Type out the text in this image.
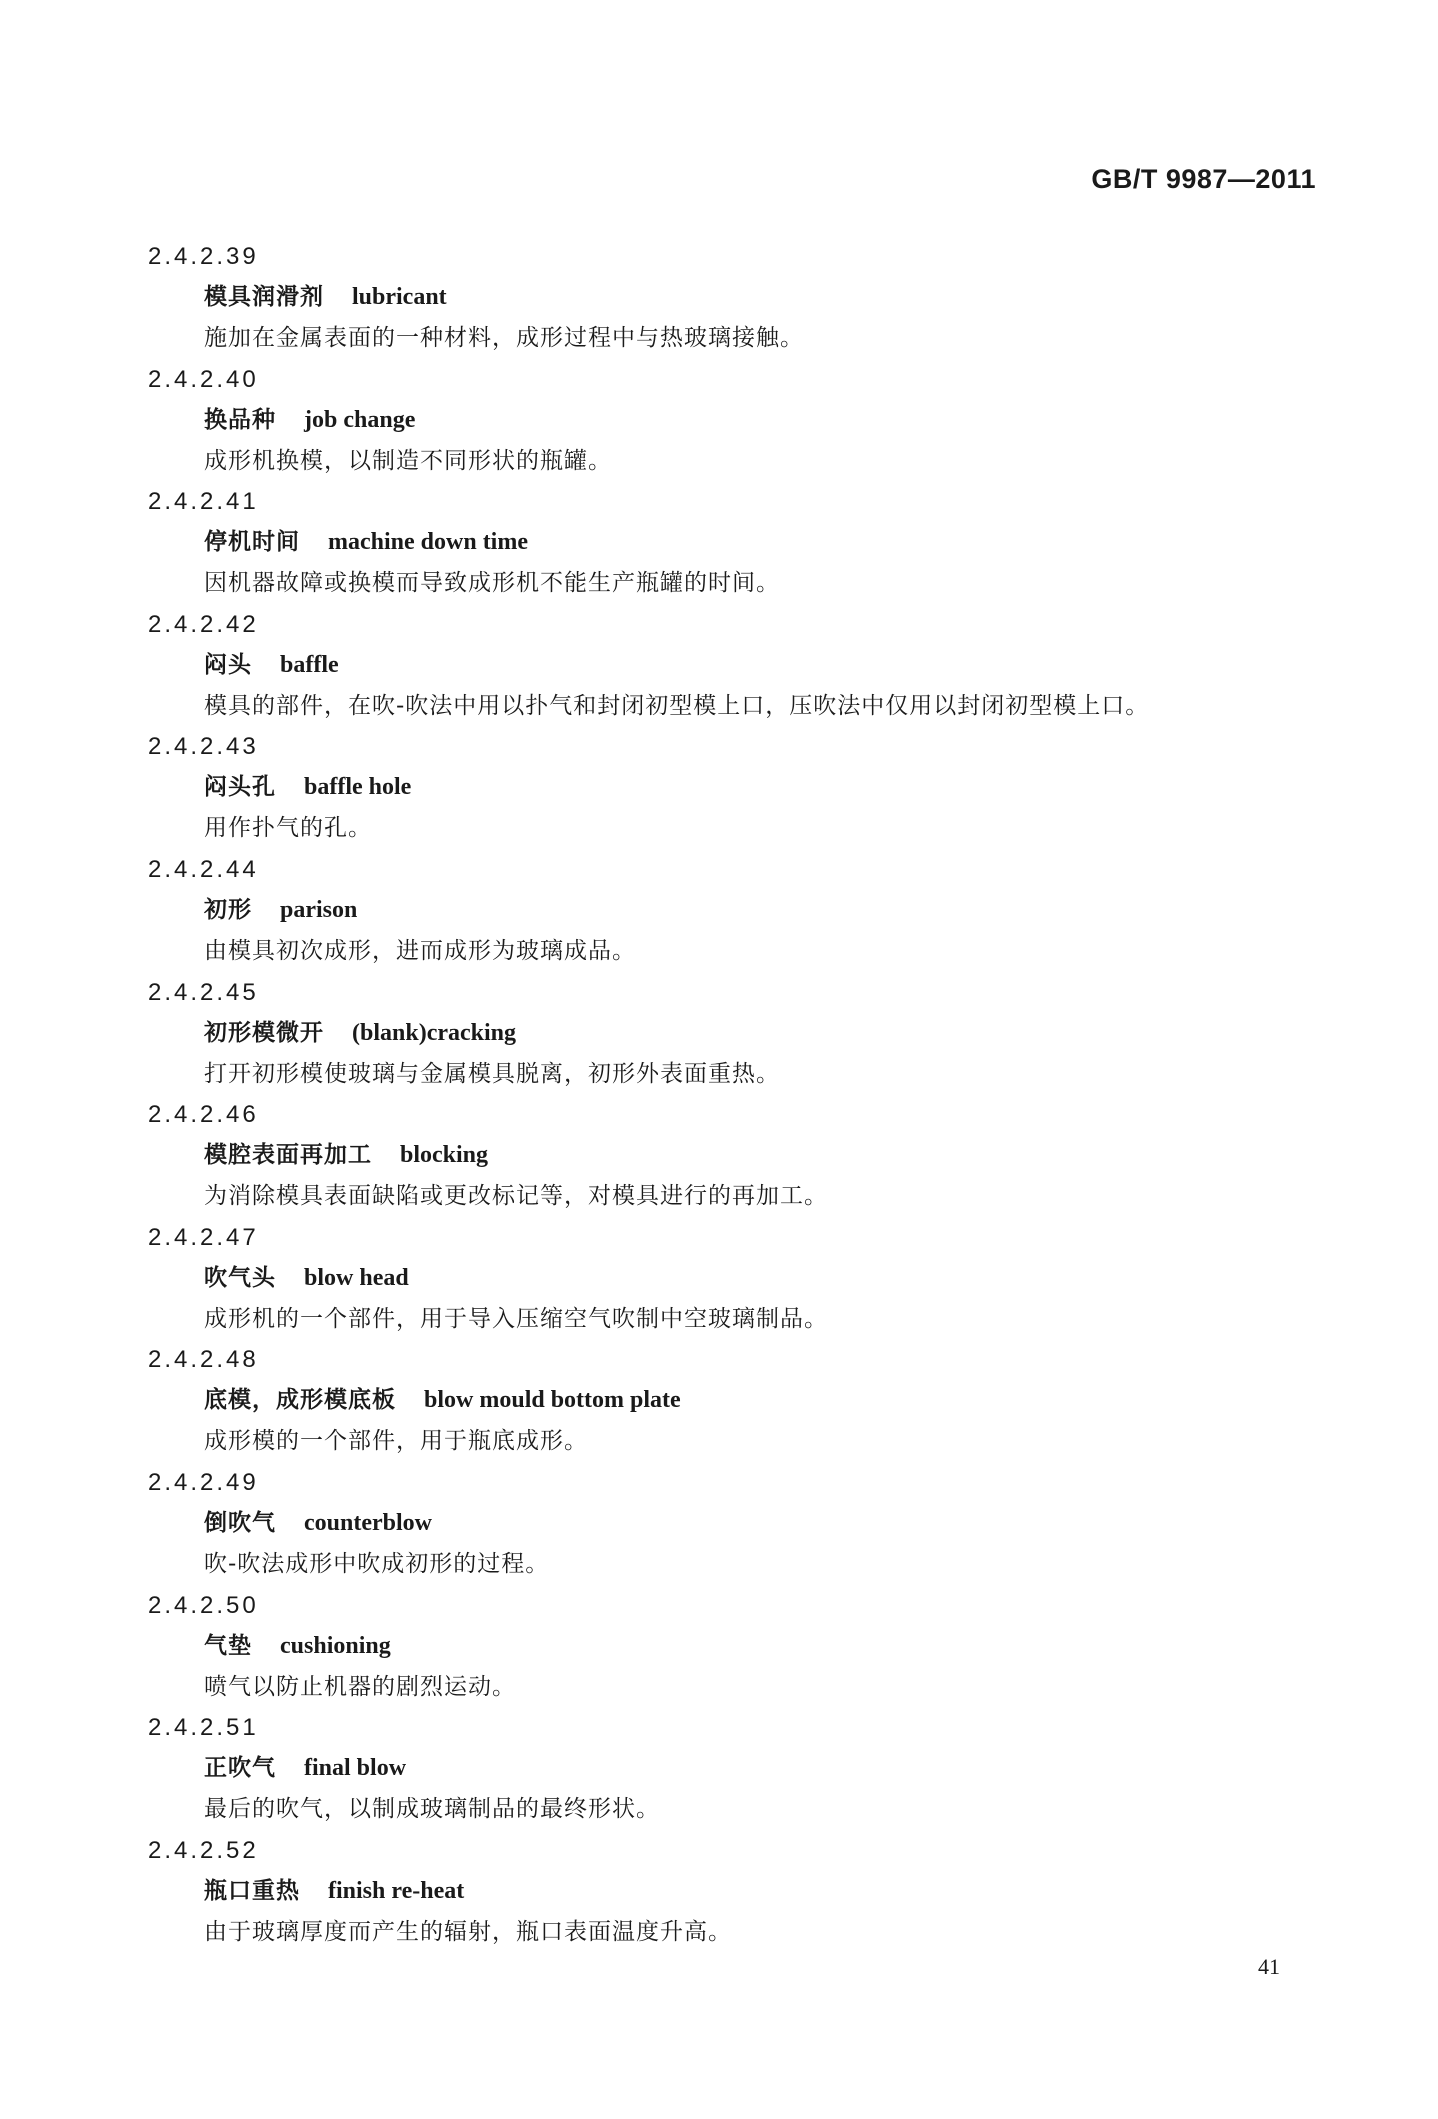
GB/T 9987—2011
2.4.2.39
模具润滑剂 lubricant
施加在金属表面的一种材料，成形过程中与热玻璃接触。
2.4.2.40
换品种 job change
成形机换模，以制造不同形状的瓶罐。
2.4.2.41
停机时间 machine down time
因机器故障或换模而导致成形机不能生产瓶罐的时间。
2.4.2.42
闷头 baffle
模具的部件，在吹-吹法中用以扑气和封闭初型模上口，压吹法中仅用以封闭初型模上口。
2.4.2.43
闷头孔 baffle hole
用作扑气的孔。
2.4.2.44
初形 parison
由模具初次成形，进而成形为玻璃成品。
2.4.2.45
初形模微开 (blank)cracking
打开初形模使玻璃与金属模具脱离，初形外表面重热。
2.4.2.46
模腔表面再加工 blocking
为消除模具表面缺陷或更改标记等，对模具进行的再加工。
2.4.2.47
吹气头 blow head
成形机的一个部件，用于导入压缩空气吹制中空玻璃制品。
2.4.2.48
底模，成形模底板 blow mould bottom plate
成形模的一个部件，用于瓶底成形。
2.4.2.49
倒吹气 counterblow
吹-吹法成形中吹成初形的过程。
2.4.2.50
气垫 cushioning
喷气以防止机器的剧烈运动。
2.4.2.51
正吹气 final blow
最后的吹气，以制成玻璃制品的最终形状。
2.4.2.52
瓶口重热 finish re-heat
由于玻璃厚度而产生的辐射，瓶口表面温度升高。
41
